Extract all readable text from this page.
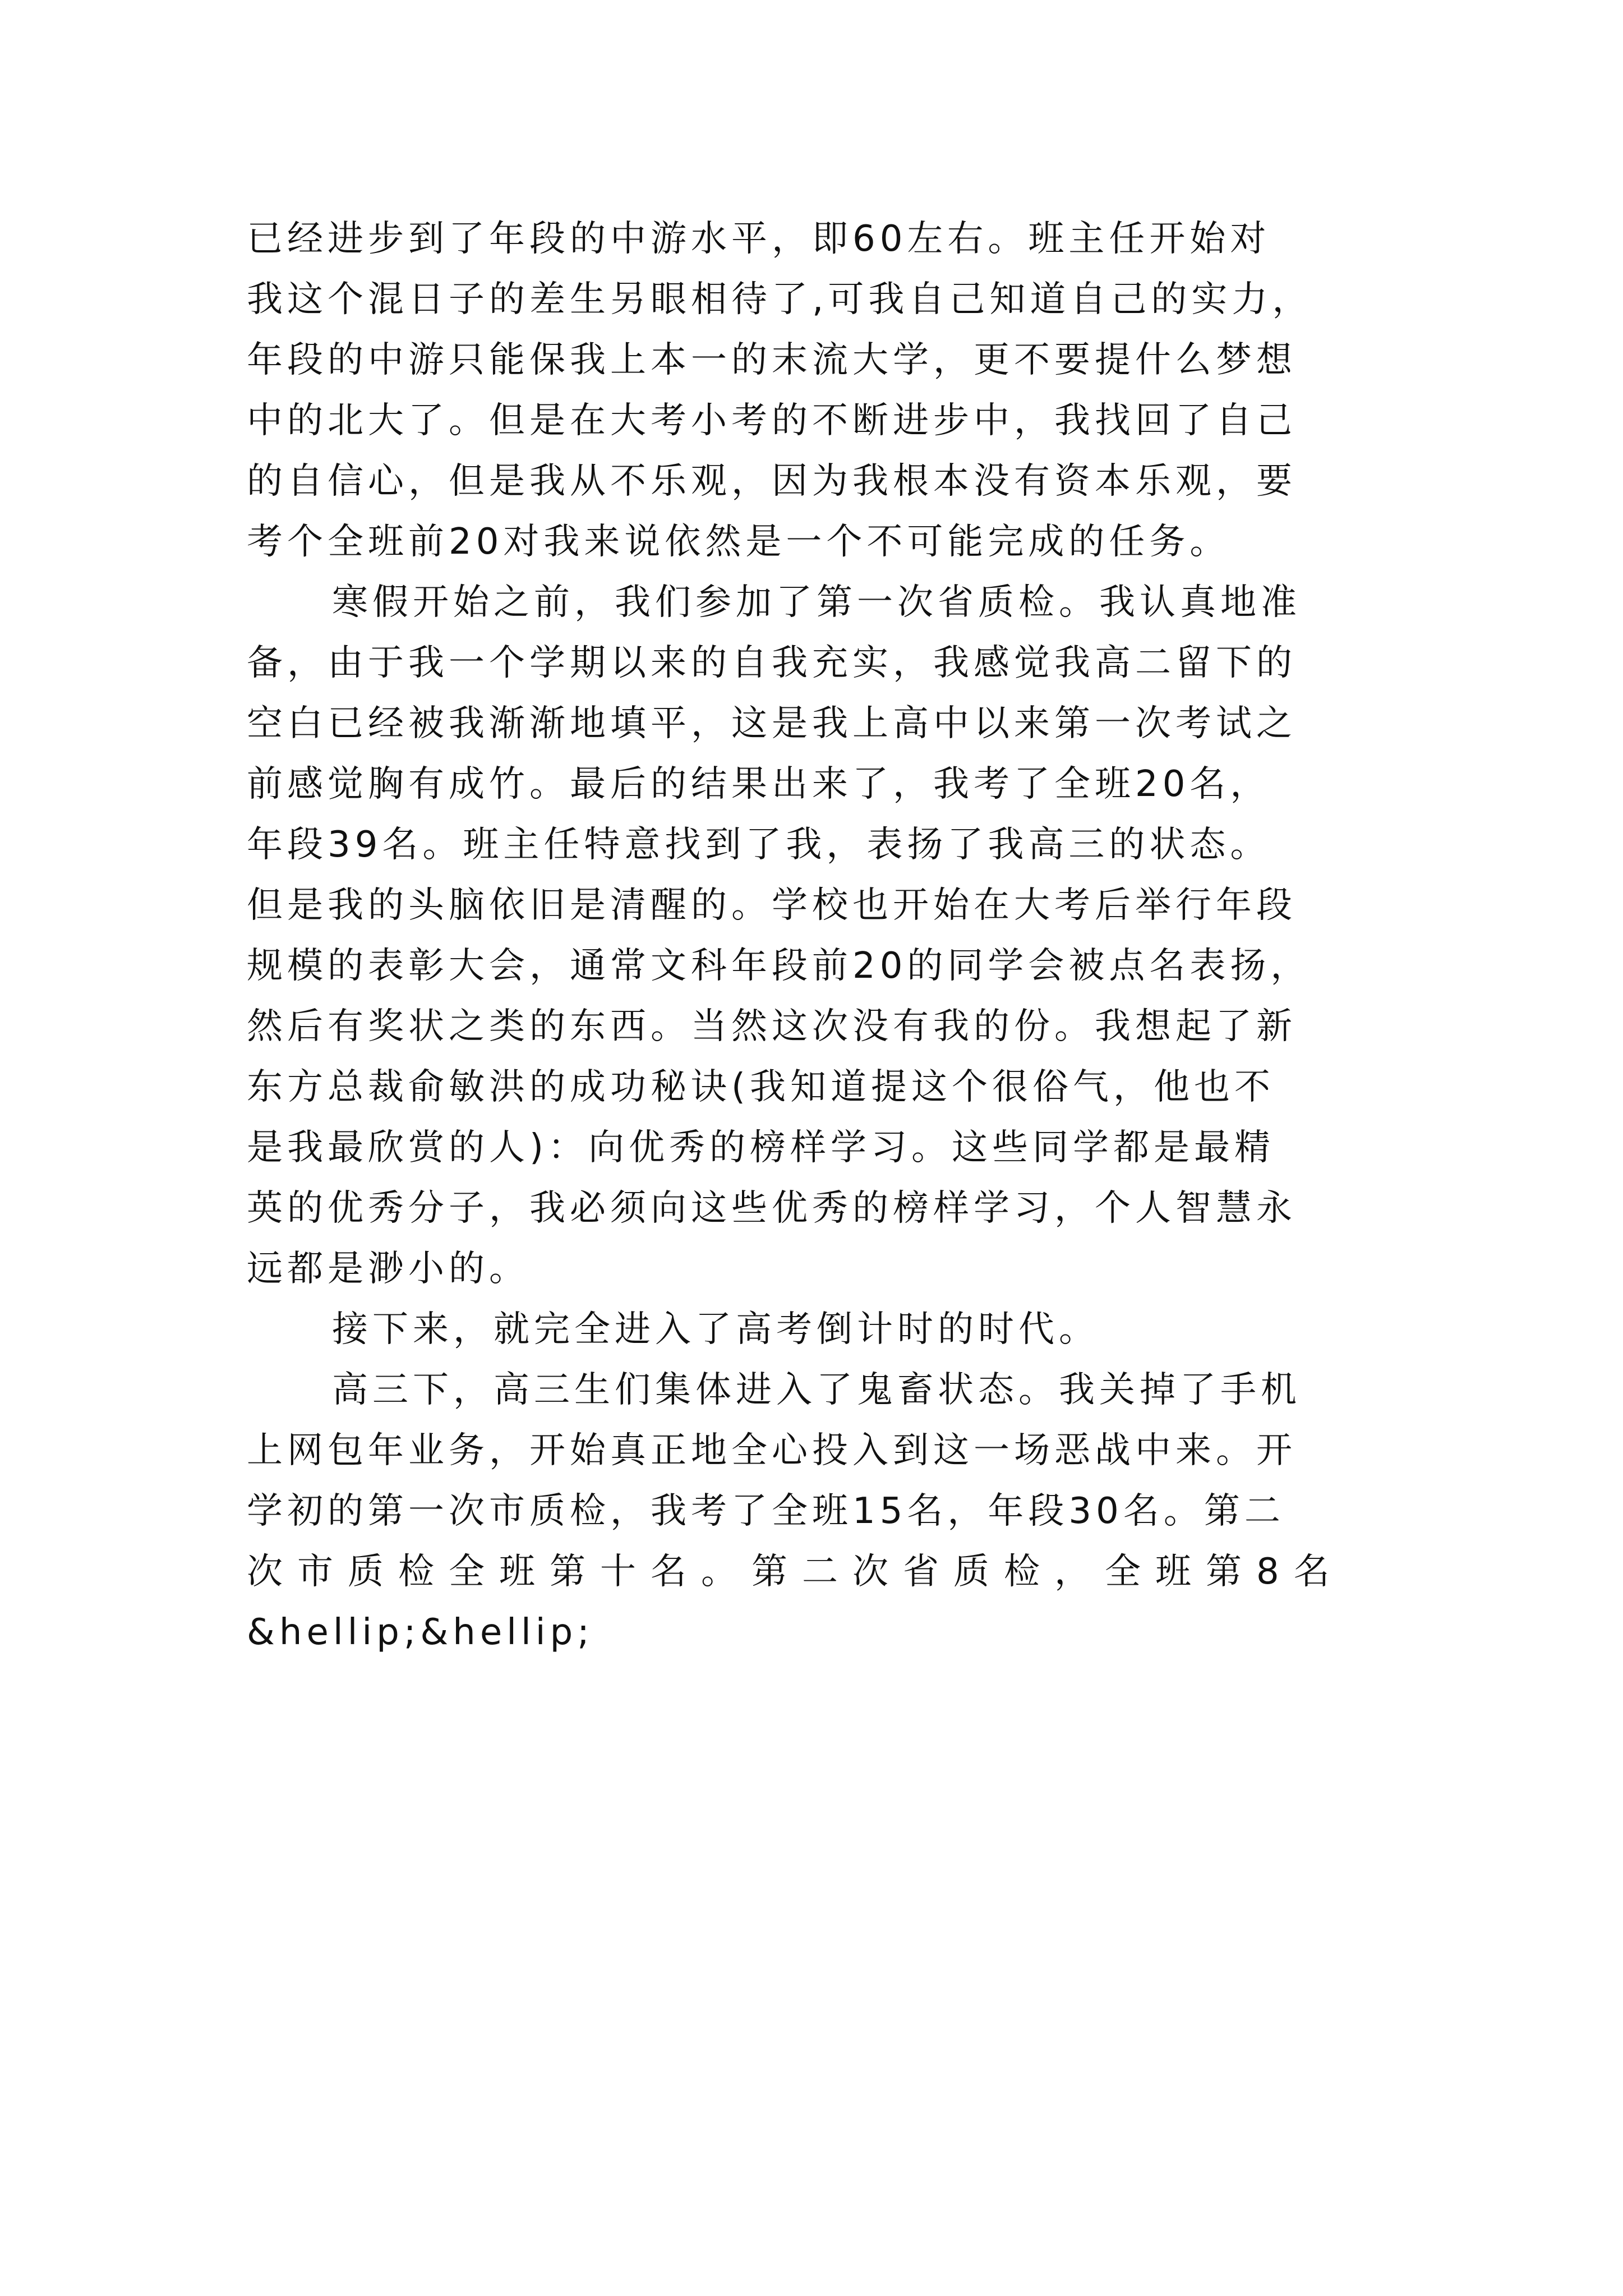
已经进步到了年段的中游水平，即60左右。班主任开始对
我这个混日子的差生另眼相待了,可我自己知道自己的实力，
年段的中游只能保我上本一的末流大学，更不要提什么梦想
中的北大了。但是在大考小考的不断进步中，我找回了自己
的自信心，但是我从不乐观，因为我根本没有资本乐观，要
考个全班前20对我来说依然是一个不可能完成的任务。
寒假开始之前，我们参加了第一次省质检。我认真地准
备，由于我一个学期以来的自我充实，我感觉我高二留下的
空白已经被我渐渐地填平，这是我上高中以来第一次考试之
前感觉胸有成竹。最后的结果出来了，我考了全班20名，
年段39名。班主任特意找到了我，表扬了我高三的状态。
但是我的头脑依旧是清醒的。学校也开始在大考后举行年段
规模的表彰大会，通常文科年段前20的同学会被点名表扬，
然后有奖状之类的东西。当然这次没有我的份。我想起了新
东方总裁俞敏洪的成功秘诀(我知道提这个很俗气，他也不
是我最欣赏的人)：向优秀的榜样学习。这些同学都是最精
英的优秀分子，我必须向这些优秀的榜样学习，个人智慧永
远都是渺小的。
接下来，就完全进入了高考倒计时的时代。
高三下，高三生们集体进入了鬼畜状态。我关掉了手机
上网包年业务，开始真正地全心投入到这一场恶战中来。开
学初的第一次市质检，我考了全班15名，年段30名。第二
次市质检全班第十名。第二次省质检，全班第8名
&hellip;&hellip;
